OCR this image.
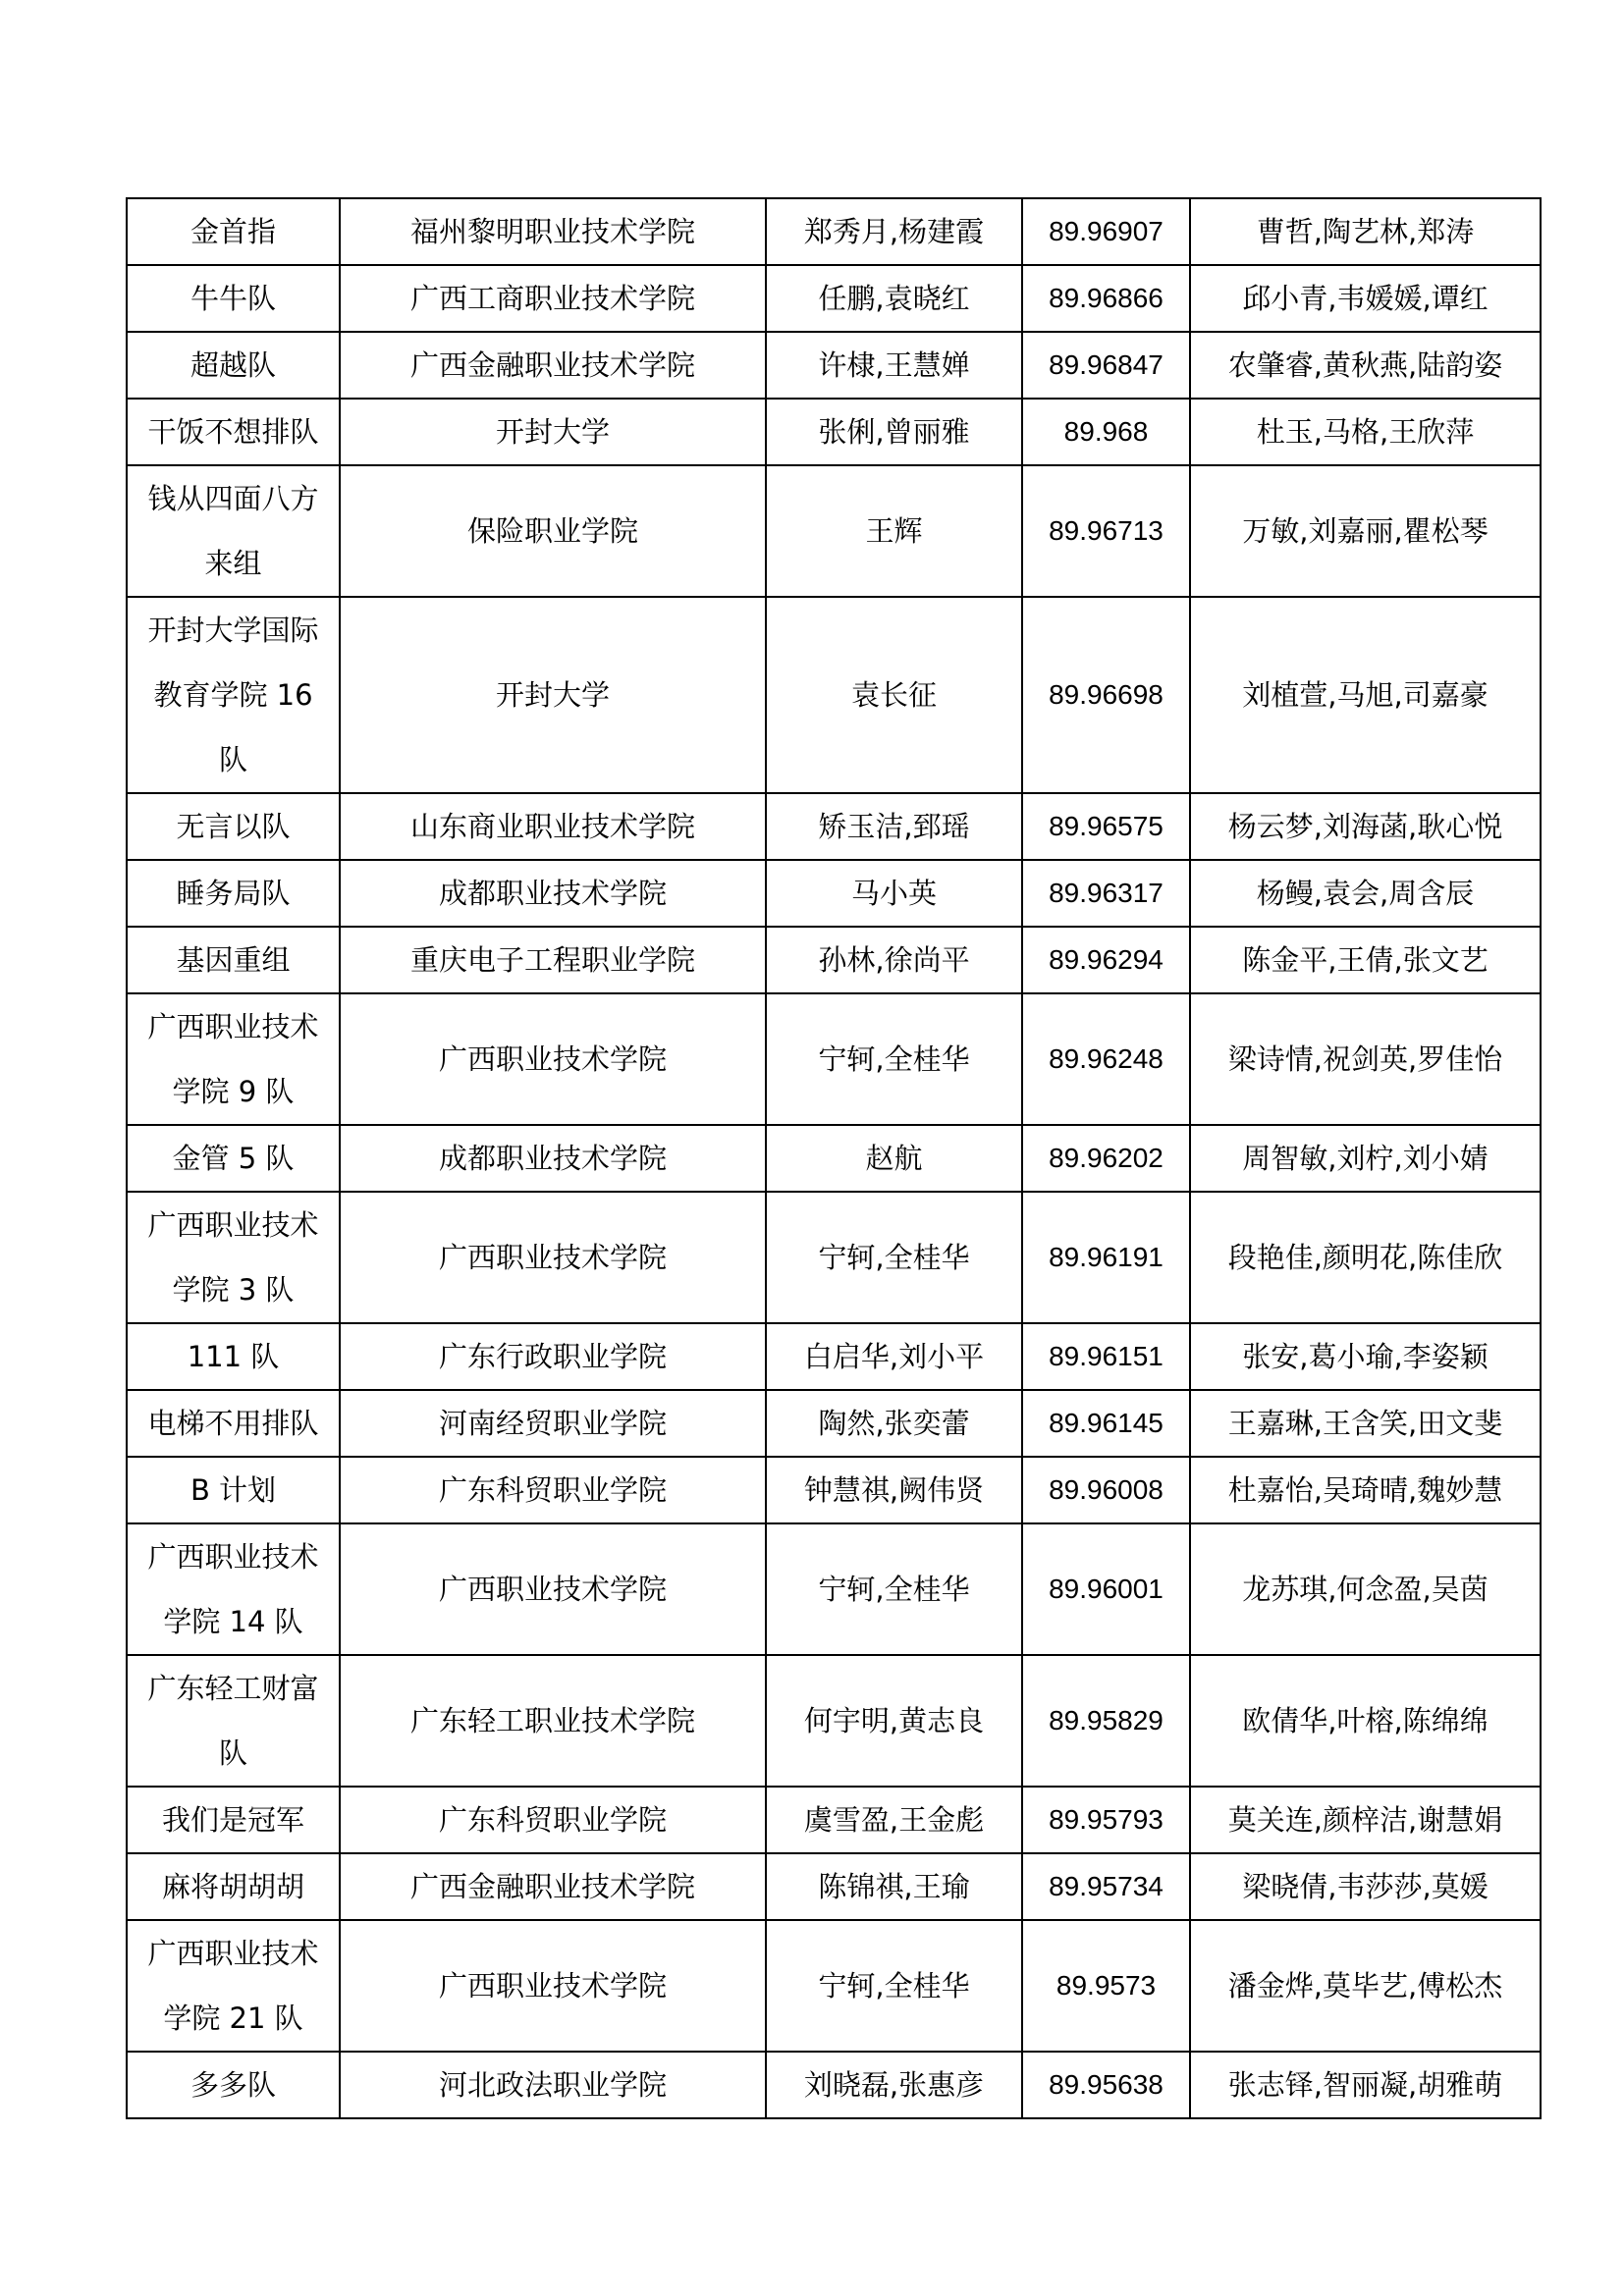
金首指	福州黎明职业技术学院	郑秀月,杨建霞	89.96907	曹哲,陶艺林,郑涛
牛牛队	广西工商职业技术学院	任鹏,袁晓红	89.96866	邱小青,韦媛媛,谭红
超越队	广西金融职业技术学院	许棣,王慧婵	89.96847	农肇睿,黄秋燕,陆韵姿
干饭不想排队	开封大学	张俐,曾丽雅	89.968	杜玉,马格,王欣萍
钱从四面八方来组	保险职业学院	王辉	89.96713	万敏,刘嘉丽,瞿松琴
开封大学国际教育学院 16 队	开封大学	袁长征	89.96698	刘植萱,马旭,司嘉豪
无言以队	山东商业职业技术学院	矫玉洁,郅瑶	89.96575	杨云梦,刘海菡,耿心悦
睡务局队	成都职业技术学院	马小英	89.96317	杨鳗,袁会,周含辰
基因重组	重庆电子工程职业学院	孙林,徐尚平	89.96294	陈金平,王倩,张文艺
广西职业技术学院 9 队	广西职业技术学院	宁轲,全桂华	89.96248	梁诗情,祝剑英,罗佳怡
金管 5 队	成都职业技术学院	赵航	89.96202	周智敏,刘柠,刘小婧
广西职业技术学院 3 队	广西职业技术学院	宁轲,全桂华	89.96191	段艳佳,颜明花,陈佳欣
111 队	广东行政职业学院	白启华,刘小平	89.96151	张安,葛小瑜,李姿颖
电梯不用排队	河南经贸职业学院	陶然,张奕蕾	89.96145	王嘉琳,王含笑,田文斐
B 计划	广东科贸职业学院	钟慧祺,阙伟贤	89.96008	杜嘉怡,吴琦晴,魏妙慧
广西职业技术学院 14 队	广西职业技术学院	宁轲,全桂华	89.96001	龙苏琪,何念盈,吴茵
广东轻工财富队	广东轻工职业技术学院	何宇明,黄志良	89.95829	欧倩华,叶榕,陈绵绵
我们是冠军	广东科贸职业学院	虞雪盈,王金彪	89.95793	莫关连,颜梓洁,谢慧娟
麻将胡胡胡	广西金融职业技术学院	陈锦祺,王瑜	89.95734	梁晓倩,韦莎莎,莫媛
广西职业技术学院 21 队	广西职业技术学院	宁轲,全桂华	89.9573	潘金烨,莫毕艺,傅松杰
多多队	河北政法职业学院	刘晓磊,张惠彦	89.95638	张志铎,智丽凝,胡雅萌
